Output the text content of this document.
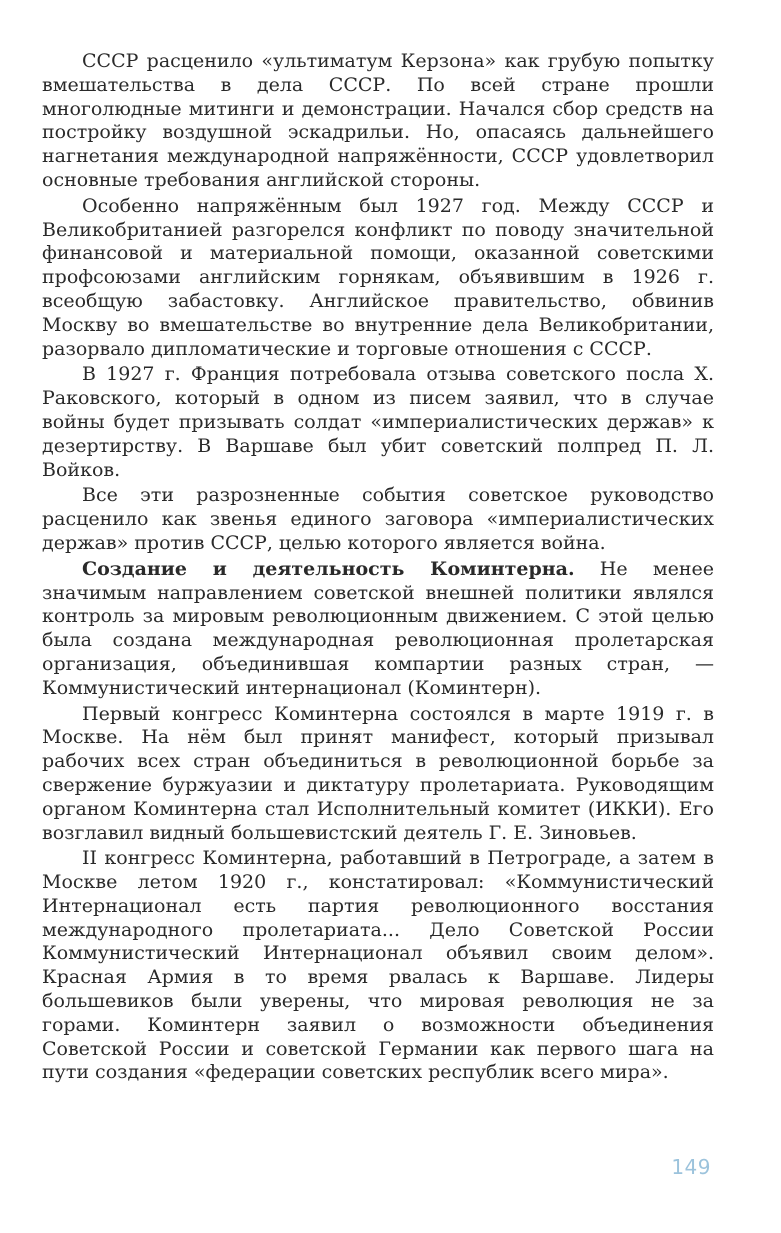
СССР расценило «ультиматум Керзона» как грубую попытку вмешательства в дела СССР. По всей стране прошли многолюдные митинги и демонстрации. Начался сбор средств на постройку воздушной эскадрильи. Но, опасаясь дальнейшего нагнетания международной напряжённости, СССР удовлетворил основные требования английской стороны.

Особенно напряжённым был 1927 год. Между СССР и Великобританией разгорелся конфликт по поводу значительной финансовой и материальной помощи, оказанной советскими профсоюзами английским горнякам, объявившим в 1926 г. всеобщую забастовку. Английское правительство, обвинив Москву во вмешательстве во внутренние дела Великобритании, разорвало дипломатические и торговые отношения с СССР.

В 1927 г. Франция потребовала отзыва советского посла Х. Раковского, который в одном из писем заявил, что в случае войны будет призывать солдат «империалистических держав» к дезертирству. В Варшаве был убит советский полпред П. Л. Войков.

Все эти разрозненные события советское руководство расценило как звенья единого заговора «империалистических держав» против СССР, целью которого является война.

Создание и деятельность Коминтерна. Не менее значимым направлением советской внешней политики являлся контроль за мировым революционным движением. С этой целью была создана международная революционная пролетарская организация, объединившая компартии разных стран, — Коммунистический интернационал (Коминтерн).

Первый конгресс Коминтерна состоялся в марте 1919 г. в Москве. На нём был принят манифест, который призывал рабочих всех стран объединиться в революционной борьбе за свержение буржуазии и диктатуру пролетариата. Руководящим органом Коминтерна стал Исполнительный комитет (ИККИ). Его возглавил видный большевистский деятель Г. Е. Зиновьев.

II конгресс Коминтерна, работавший в Петрограде, а затем в Москве летом 1920 г., констатировал: «Коммунистический Интернационал есть партия революционного восстания международного пролетариата... Дело Советской России Коммунистический Интернационал объявил своим делом». Красная Армия в то время рвалась к Варшаве. Лидеры большевиков были уверены, что мировая революция не за горами. Коминтерн заявил о возможности объединения Советской России и советской Германии как первого шага на пути создания «федерации советских республик всего мира».

149
